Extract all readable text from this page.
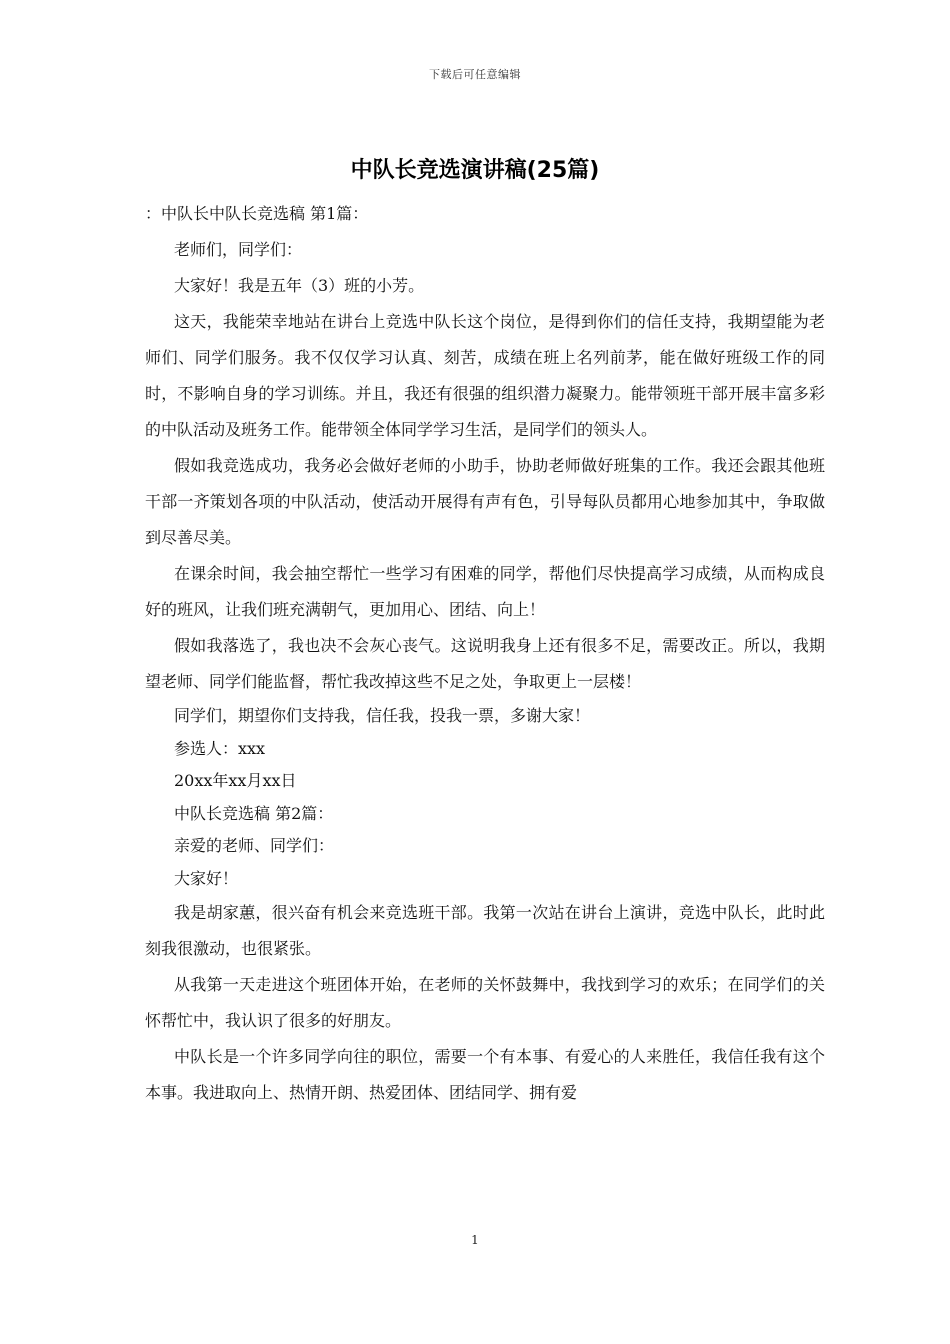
下载后可任意编辑
中队长竞选演讲稿(25篇)

：中队长中队长竞选稿 第1篇：

老师们，同学们：

大家好！我是五年（3）班的小芳。

这天，我能荣幸地站在讲台上竞选中队长这个岗位，是得到你们的信任支持，我期望能为老师们、同学们服务。我不仅仅学习认真、刻苦，成绩在班上名列前茅，能在做好班级工作的同时，不影响自身的学习训练。并且，我还有很强的组织潜力凝聚力。能带领班干部开展丰富多彩的中队活动及班务工作。能带领全体同学学习生活，是同学们的领头人。

假如我竞选成功，我务必会做好老师的小助手，协助老师做好班集的工作。我还会跟其他班干部一齐策划各项的中队活动，使活动开展得有声有色，引导每队员都用心地参加其中，争取做到尽善尽美。

在课余时间，我会抽空帮忙一些学习有困难的同学，帮他们尽快提高学习成绩，从而构成良好的班风，让我们班充满朝气，更加用心、团结、向上！

假如我落选了，我也决不会灰心丧气。这说明我身上还有很多不足，需要改正。所以，我期望老师、同学们能监督，帮忙我改掉这些不足之处，争取更上一层楼！

同学们，期望你们支持我，信任我，投我一票，多谢大家！

参选人：xxx

20xx年xx月xx日

中队长竞选稿 第2篇：

亲爱的老师、同学们：

大家好！

我是胡家蕙，很兴奋有机会来竞选班干部。我第一次站在讲台上演讲，竞选中队长，此时此刻我很激动，也很紧张。

从我第一天走进这个班团体开始，在老师的关怀鼓舞中，我找到学习的欢乐；在同学们的关怀帮忙中，我认识了很多的好朋友。

中队长是一个许多同学向往的职位，需要一个有本事、有爱心的人来胜任，我信任我有这个本事。我进取向上、热情开朗、热爱团体、团结同学、拥有爱

1
